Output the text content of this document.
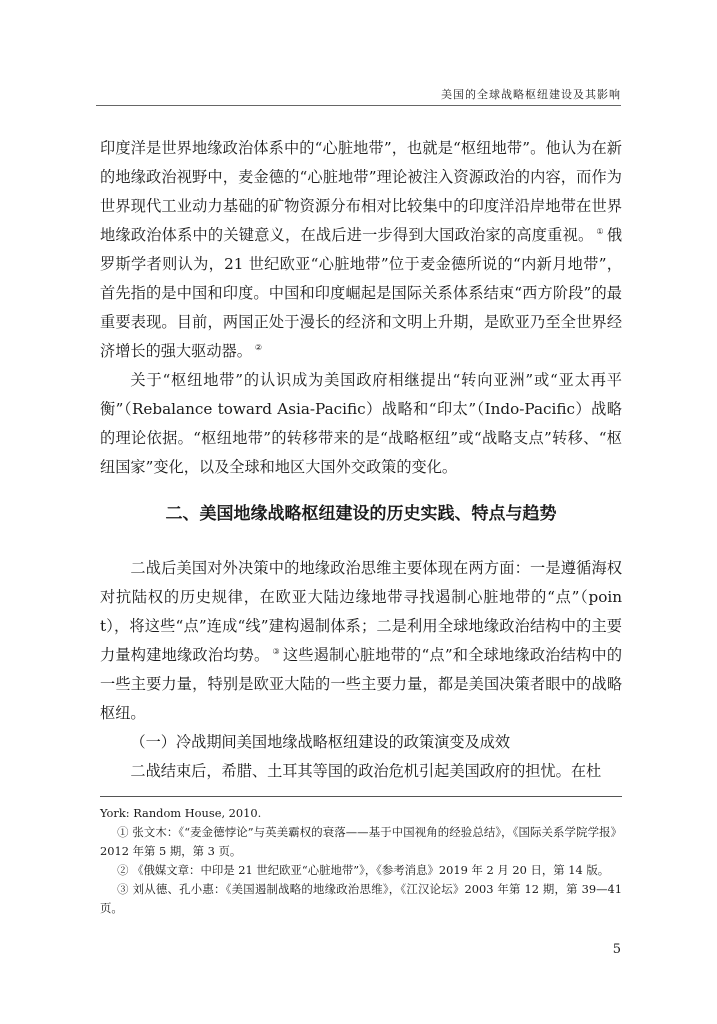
美国的全球战略枢纽建设及其影响

印度洋是世界地缘政治体系中的“心脏地带”，也就是“枢纽地带”。他认为在新的地缘政治视野中，麦金德的“心脏地带”理论被注入资源政治的内容，而作为世界现代工业动力基础的矿物资源分布相对比较集中的印度洋沿岸地带在世界地缘政治体系中的关键意义，在战后进一步得到大国政治家的高度重视。 ① 俄罗斯学者则认为，21 世纪欧亚“心脏地带”位于麦金德所说的“内新月地带”，首先指的是中国和印度。中国和印度崛起是国际关系体系结束“西方阶段”的最重要表现。目前，两国正处于漫长的经济和文明上升期，是欧亚乃至全世界经济增长的强大驱动器。 ②

关于“枢纽地带”的认识成为美国政府相继提出“转向亚洲”或“亚太再平衡”（Rebalance toward Asia-Pacific）战略和“印太”（Indo-Pacific）战略的理论依据。“枢纽地带”的转移带来的是“战略枢纽”或“战略支点”转移、“枢纽国家”变化，以及全球和地区大国外交政策的变化。

二、美国地缘战略枢纽建设的历史实践、特点与趋势

二战后美国对外决策中的地缘政治思维主要体现在两方面：一是遵循海权对抗陆权的历史规律，在欧亚大陆边缘地带寻找遏制心脏地带的“点”（point），将这些“点”连成“线”建构遏制体系；二是利用全球地缘政治结构中的主要力量构建地缘政治均势。 ③ 这些遏制心脏地带的“点”和全球地缘政治结构中的一些主要力量，特别是欧亚大陆的一些主要力量，都是美国决策者眼中的战略枢纽。

（一）冷战期间美国地缘战略枢纽建设的政策演变及成效

二战结束后，希腊、土耳其等国的政治危机引起美国政府的担忧。在杜

York: Random House, 2010.

① 张文木：《“麦金德悖论”与英美霸权的衰落——基于中国视角的经验总结》，《国际关系学院学报》2012 年第 5 期，第 3 页。

② 《俄媒文章：中印是 21 世纪欧亚“心脏地带”》，《参考消息》2019 年 2 月 20 日，第 14 版。

③ 刘从德、孔小惠：《美国遏制战略的地缘政治思维》，《江汉论坛》2003 年第 12 期，第 39—41 页。

5
